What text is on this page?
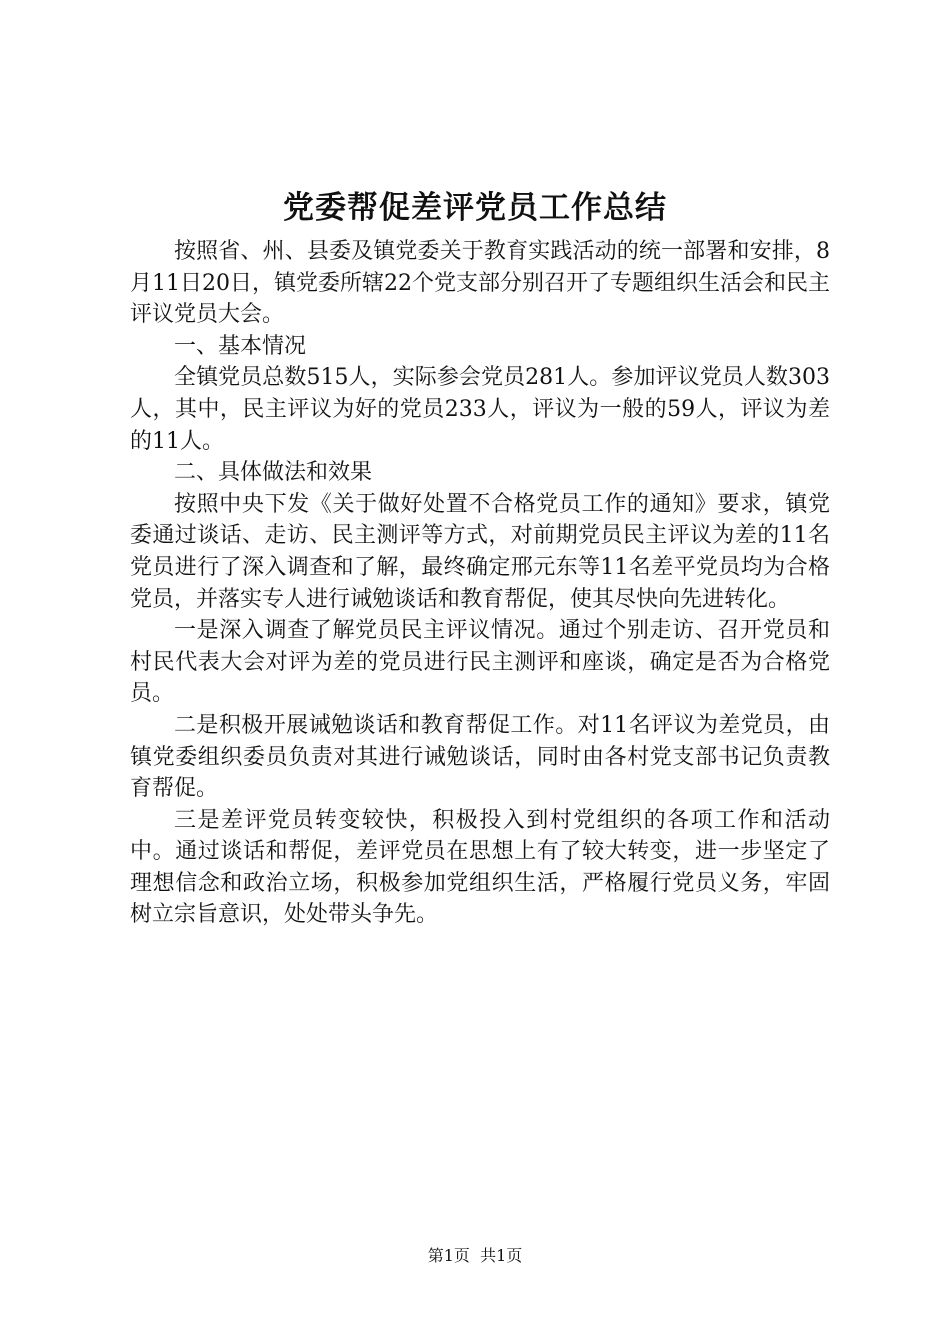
党委帮促差评党员工作总结

按照省、州、县委及镇党委关于教育实践活动的统一部署和安排，8月11日20日，镇党委所辖22个党支部分别召开了专题组织生活会和民主评议党员大会。

一、基本情况

全镇党员总数515人，实际参会党员281人。参加评议党员人数303人，其中，民主评议为好的党员233人，评议为一般的59人，评议为差的11人。

二、具体做法和效果

按照中央下发《关于做好处置不合格党员工作的通知》要求，镇党委通过谈话、走访、民主测评等方式，对前期党员民主评议为差的11名党员进行了深入调查和了解，最终确定邢元东等11名差平党员均为合格党员，并落实专人进行诫勉谈话和教育帮促，使其尽快向先进转化。

一是深入调查了解党员民主评议情况。通过个别走访、召开党员和村民代表大会对评为差的党员进行民主测评和座谈，确定是否为合格党员。

二是积极开展诫勉谈话和教育帮促工作。对11名评议为差党员，由镇党委组织委员负责对其进行诫勉谈话，同时由各村党支部书记负责教育帮促。

三是差评党员转变较快，积极投入到村党组织的各项工作和活动中。通过谈话和帮促，差评党员在思想上有了较大转变，进一步坚定了理想信念和政治立场，积极参加党组织生活，严格履行党员义务，牢固树立宗旨意识，处处带头争先。

第1页 共1页
